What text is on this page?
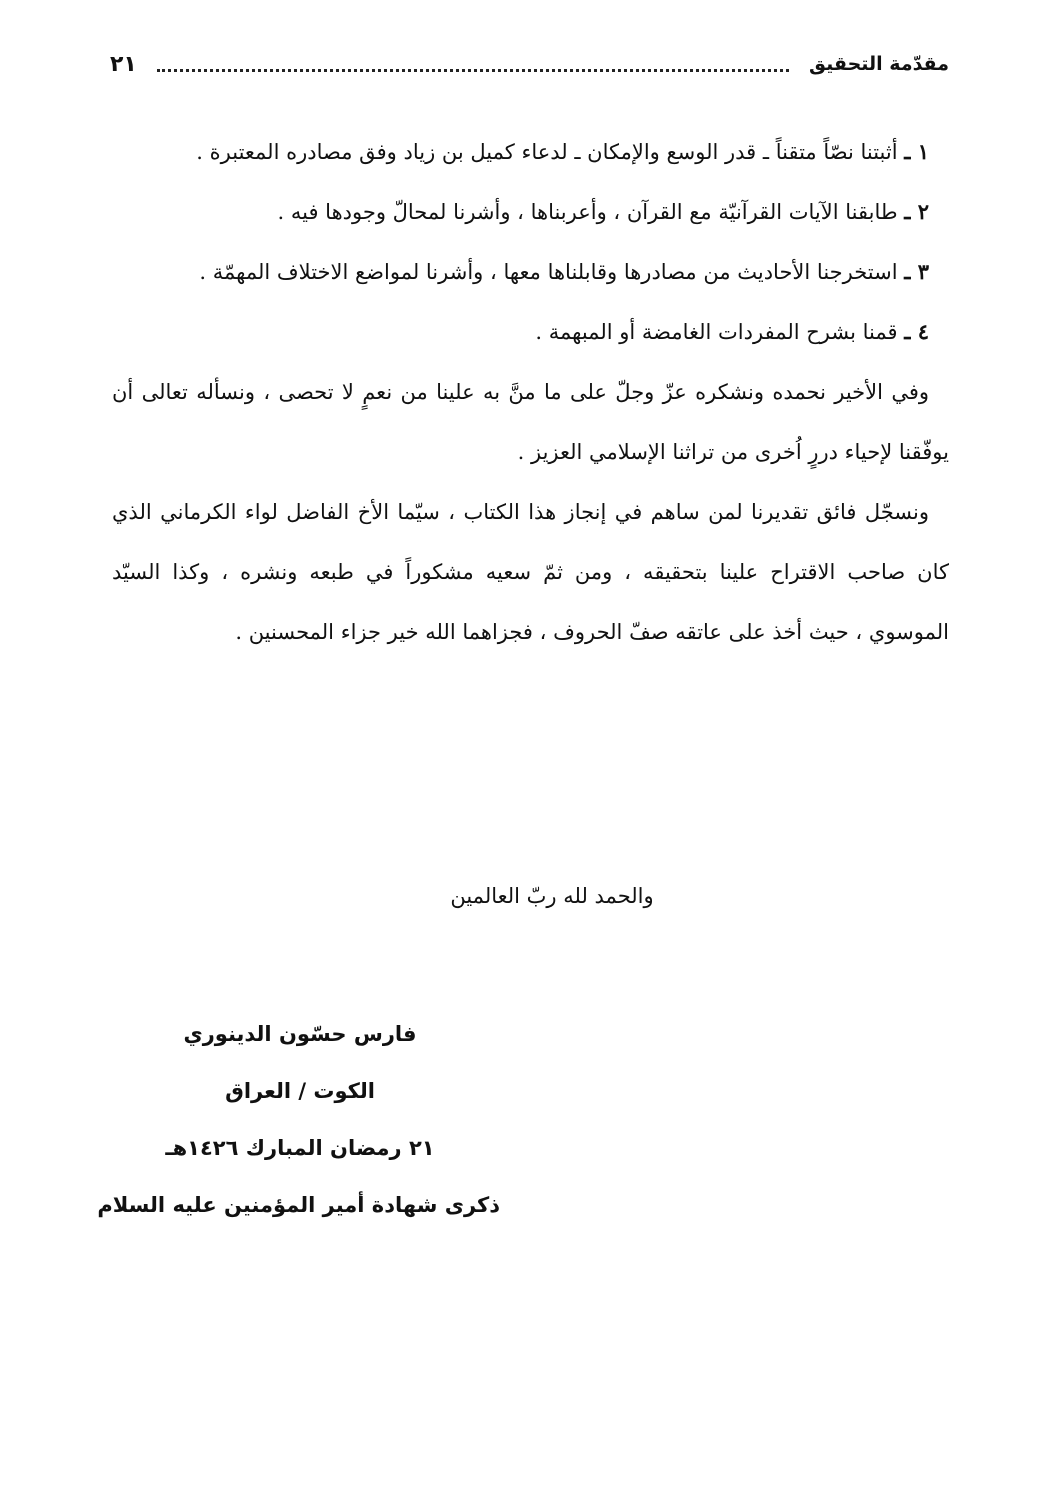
مقدّمة التحقيق
٢١

١ ـ أثبتنا نصّاً متقناً ـ قدر الوسع والإمكان ـ لدعاء كميل بن زياد وفق مصادره المعتبرة .

٢ ـ طابقنا الآيات القرآنيّة مع القرآن ، وأعربناها ، وأشرنا لمحالّ وجودها فيه .

٣ ـ استخرجنا الأحاديث من مصادرها وقابلناها معها ، وأشرنا لمواضع الاختلاف المهمّة .

٤ ـ قمنا بشرح المفردات الغامضة أو المبهمة .

وفي الأخير نحمده ونشكره عزّ وجلّ على ما منَّ به علينا من نعمٍ لا تحصى ، ونسأله تعالى أن يوفّقنا لإحياء دررٍ اُخرى من تراثنا الإسلامي العزيز .

ونسجّل فائق تقديرنا لمن ساهم في إنجاز هذا الكتاب ، سيّما الأخ الفاضل لواء الكرماني الذي كان صاحب الاقتراح علينا بتحقيقه ، ومن ثمّ سعيه مشكوراً في طبعه ونشره ، وكذا السيّد الموسوي ، حيث أخذ على عاتقه صفّ الحروف ، فجزاهما الله خير جزاء المحسنين .

والحمد لله ربّ العالمين
فارس حسّون الدينوري
الكوت / العراق
٢١ رمضان المبارك ١٤٢٦هـ
ذكرى شهادة أمير المؤمنين عليه السلام
